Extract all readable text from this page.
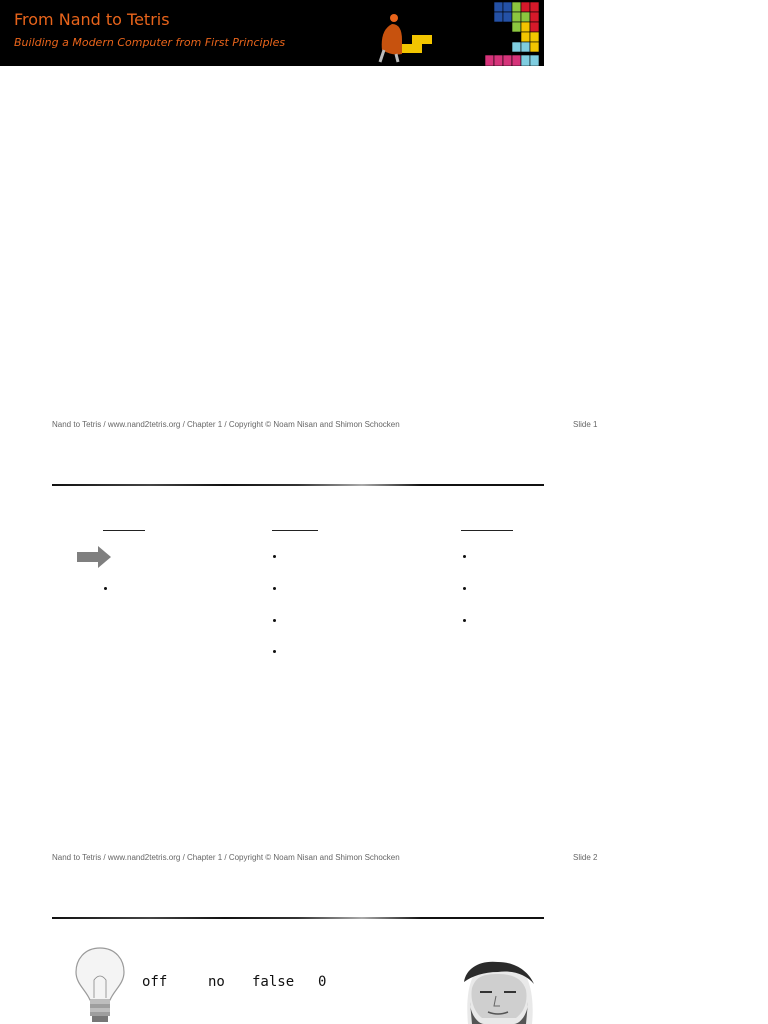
From Nand to Tetris
Building a Modern Computer from First Principles
Nand to Tetris / www.nand2tetris.org / Chapter 1 / Copyright © Noam Nisan and Shimon Schocken	Slide 1
Nand to Tetris / www.nand2tetris.org / Chapter 1 / Copyright © Noam Nisan and Shimon Schocken	Slide 2
off	no false 0
